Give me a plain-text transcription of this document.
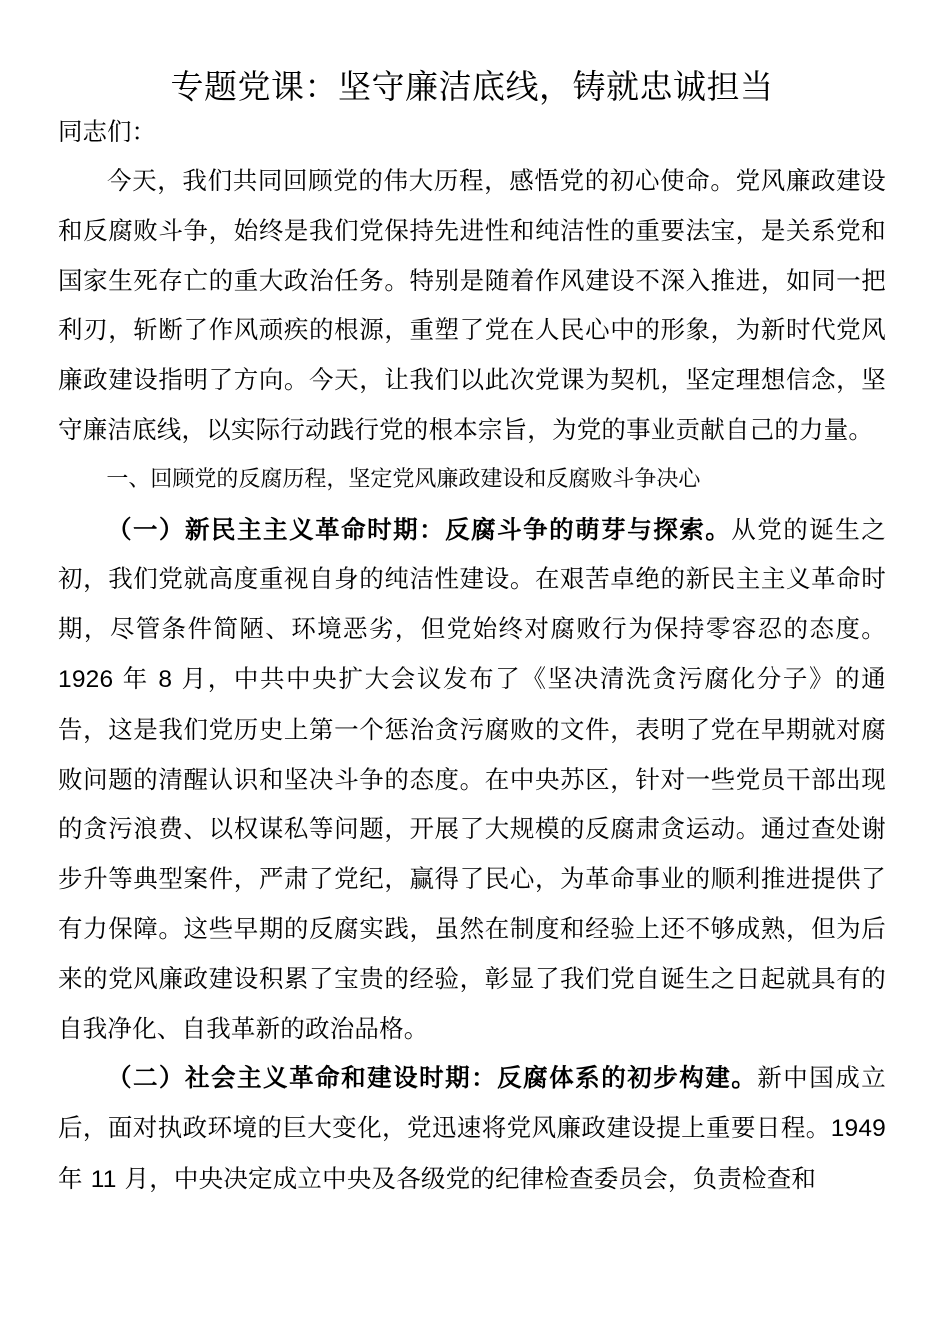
专题党课：坚守廉洁底线，铸就忠诚担当

同志们：

今天，我们共同回顾党的伟大历程，感悟党的初心使命。党风廉政建设和反腐败斗争，始终是我们党保持先进性和纯洁性的重要法宝，是关系党和国家生死存亡的重大政治任务。特别是随着作风建设不深入推进，如同一把利刃，斩断了作风顽疾的根源，重塑了党在人民心中的形象，为新时代党风廉政建设指明了方向。今天，让我们以此次党课为契机，坚定理想信念，坚守廉洁底线，以实际行动践行党的根本宗旨，为党的事业贡献自己的力量。

一、回顾党的反腐历程，坚定党风廉政建设和反腐败斗争决心

（一）新民主主义革命时期：反腐斗争的萌芽与探索。从党的诞生之初，我们党就高度重视自身的纯洁性建设。在艰苦卓绝的新民主主义革命时期，尽管条件简陋、环境恶劣，但党始终对腐败行为保持零容忍的态度。1926 年 8 月，中共中央扩大会议发布了《坚决清洗贪污腐化分子》的通告，这是我们党历史上第一个惩治贪污腐败的文件，表明了党在早期就对腐败问题的清醒认识和坚决斗争的态度。在中央苏区，针对一些党员干部出现的贪污浪费、以权谋私等问题，开展了大规模的反腐肃贪运动。通过查处谢步升等典型案件，严肃了党纪，赢得了民心，为革命事业的顺利推进提供了有力保障。这些早期的反腐实践，虽然在制度和经验上还不够成熟，但为后来的党风廉政建设积累了宝贵的经验，彰显了我们党自诞生之日起就具有的自我净化、自我革新的政治品格。

（二）社会主义革命和建设时期：反腐体系的初步构建。新中国成立后，面对执政环境的巨大变化，党迅速将党风廉政建设提上重要日程。1949 年 11 月，中央决定成立中央及各级党的纪律检查委员会，负责检查和
